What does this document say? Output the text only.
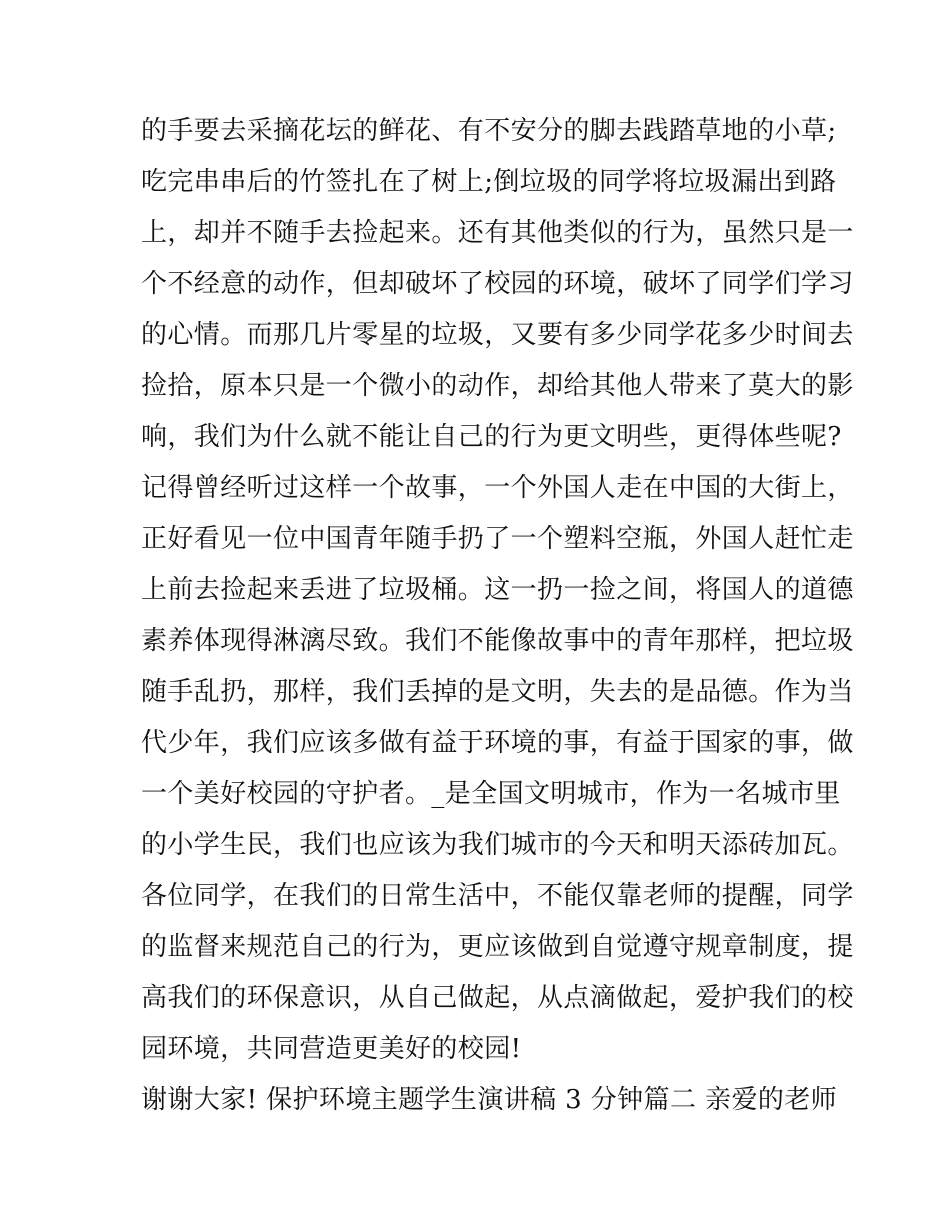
的手要去采摘花坛的鲜花、有不安分的脚去践踏草地的小草;
吃完串串后的竹签扎在了树上;倒垃圾的同学将垃圾漏出到路
上，却并不随手去捡起来。还有其他类似的行为，虽然只是一
个不经意的动作，但却破坏了校园的环境，破坏了同学们学习
的心情。而那几片零星的垃圾，又要有多少同学花多少时间去
捡拾，原本只是一个微小的动作，却给其他人带来了莫大的影
响，我们为什么就不能让自己的行为更文明些，更得体些呢?
记得曾经听过这样一个故事，一个外国人走在中国的大街上，
正好看见一位中国青年随手扔了一个塑料空瓶，外国人赶忙走
上前去捡起来丢进了垃圾桶。这一扔一捡之间，将国人的道德
素养体现得淋漓尽致。我们不能像故事中的青年那样，把垃圾
随手乱扔，那样，我们丢掉的是文明，失去的是品德。作为当
代少年，我们应该多做有益于环境的事，有益于国家的事，做
一个美好校园的守护者。_是全国文明城市，作为一名城市里
的小学生民，我们也应该为我们城市的今天和明天添砖加瓦。
各位同学，在我们的日常生活中，不能仅靠老师的提醒，同学
的监督来规范自己的行为，更应该做到自觉遵守规章制度，提
高我们的环保意识，从自己做起，从点滴做起，爱护我们的校
园环境，共同营造更美好的校园!
谢谢大家! 保护环境主题学生演讲稿 3 分钟篇二 亲爱的老师
